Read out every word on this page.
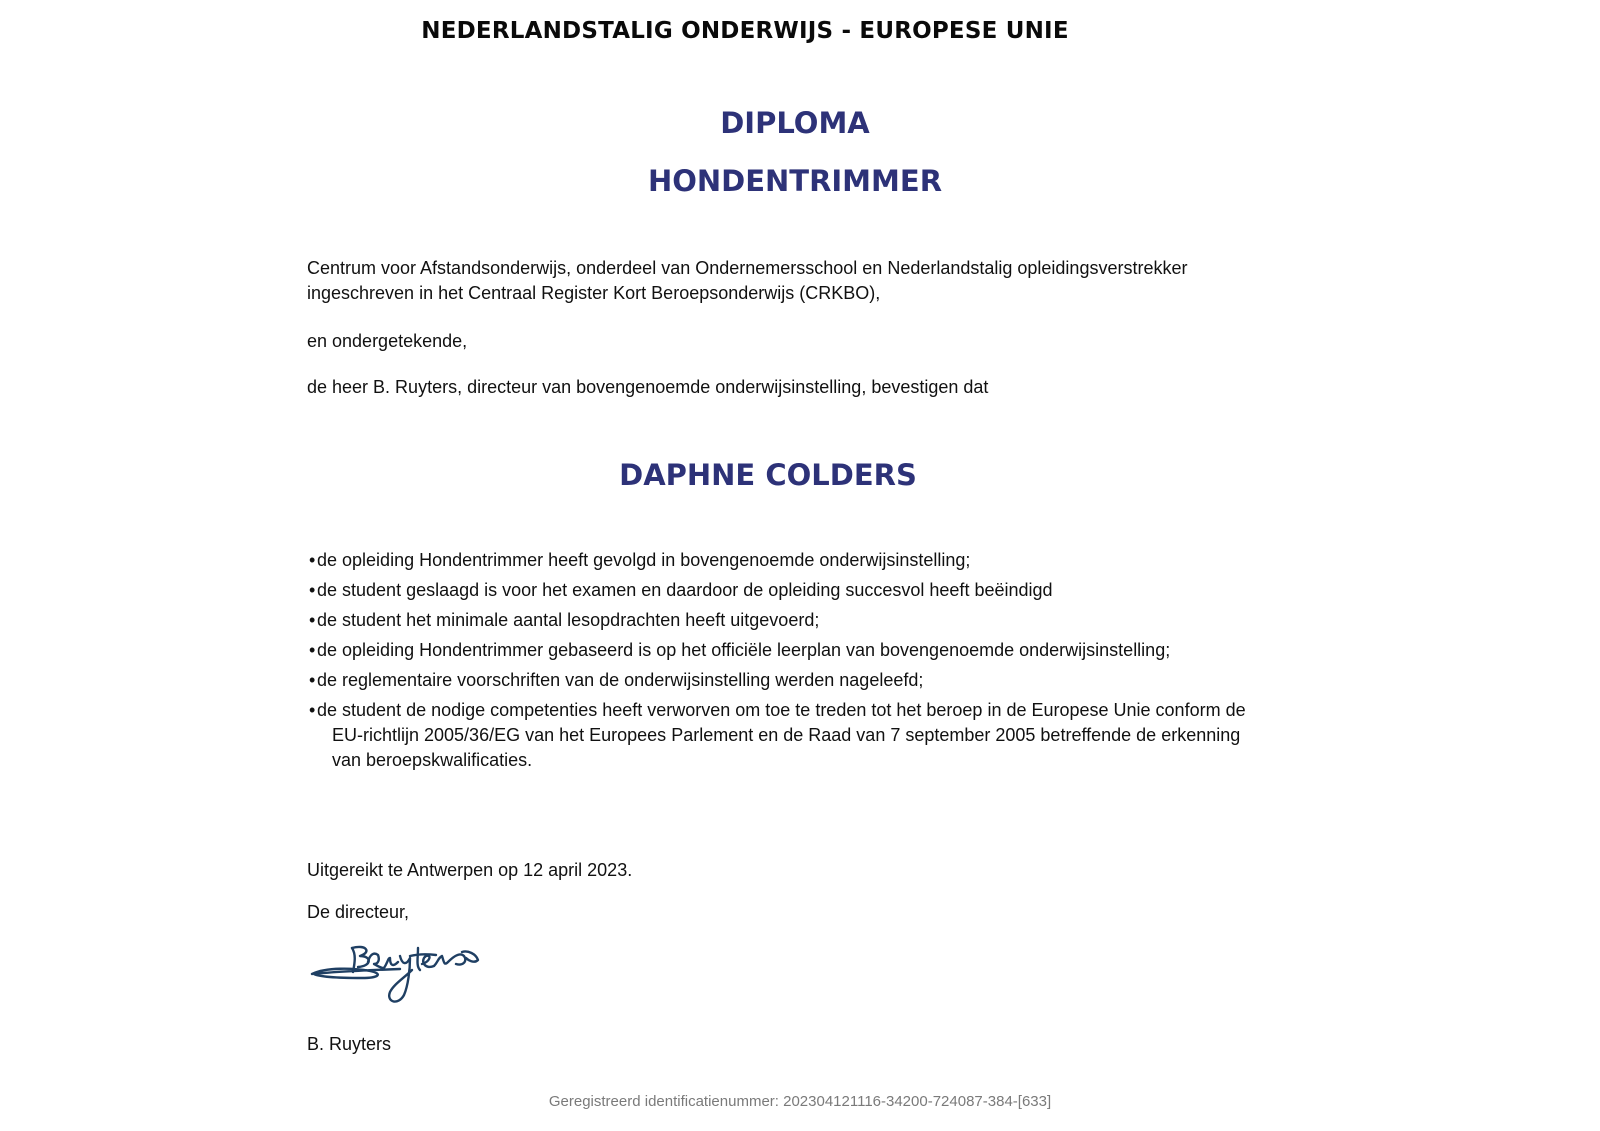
NEDERLANDSTALIG ONDERWIJS - EUROPESE UNIE
DIPLOMA
HONDENTRIMMER
Centrum voor Afstandsonderwijs, onderdeel van Ondernemersschool en Nederlandstalig opleidingsverstrekker
ingeschreven in het Centraal Register Kort Beroepsonderwijs (CRKBO),
en ondergetekende,
de heer B. Ruyters, directeur van bovengenoemde onderwijsinstelling, bevestigen dat
DAPHNE COLDERS
• de opleiding Hondentrimmer heeft gevolgd in bovengenoemde onderwijsinstelling;
• de student geslaagd is voor het examen en daardoor de opleiding succesvol heeft beëindigd
• de student het minimale aantal lesopdrachten heeft uitgevoerd;
• de opleiding Hondentrimmer gebaseerd is op het officiële leerplan van bovengenoemde onderwijsinstelling;
• de reglementaire voorschriften van de onderwijsinstelling werden nageleefd;
• de student de nodige competenties heeft verworven om toe te treden tot het beroep in de Europese Unie conform de
EU-richtlijn 2005/36/EG van het Europees Parlement en de Raad van 7 september 2005 betreffende de erkenning
van beroepskwalificaties.
Uitgereikt te Antwerpen op 12 april 2023.
De directeur,
B. Ruyters
Geregistreerd identificatienummer: 202304121116-34200-724087-384-[633]
